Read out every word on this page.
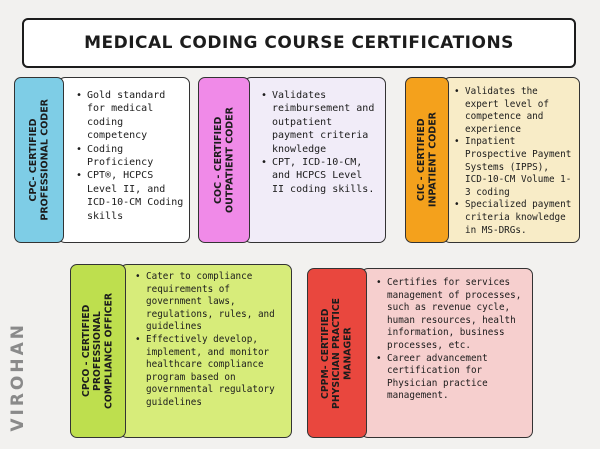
MEDICAL CODING COURSE CERTIFICATIONS
CPC- CERTIFIED
PROFESSIONAL CODER
• Gold standard for medical coding competency
• Coding Proficiency
• CPT®, HCPCS Level II, and ICD-10-CM Coding skills
COC - CERTIFIED
OUTPATIENT CODER
• Validates reimbursement and outpatient payment criteria knowledge
• CPT, ICD-10-CM, and HCPCS Level II coding skills.	CIC - CERTIFIED
INPATIENT CODER
• Validates the expert level of competence and experience
• Inpatient Prospective Payment Systems (IPPS), ICD-10-CM Volume 1-3 coding
• Specialized payment criteria knowledge in MS-DRGs.
CPCO - CERTIFIED
PROFESSIONAL
COMPLIANCE OFFICER
• Cater to compliance requirements of government laws, regulations, rules, and guidelines
• Effectively develop, implement, and monitor healthcare compliance program based on governmental regulatory guidelines
CPPM- CERTIFIED
PHYSICIAN PRACTICE
MANAGER
• Certifies for services management of processes, such as revenue cycle, human resources, health information, business processes, etc.
• Career advancement certification for Physician practice management.
VIROHAN
